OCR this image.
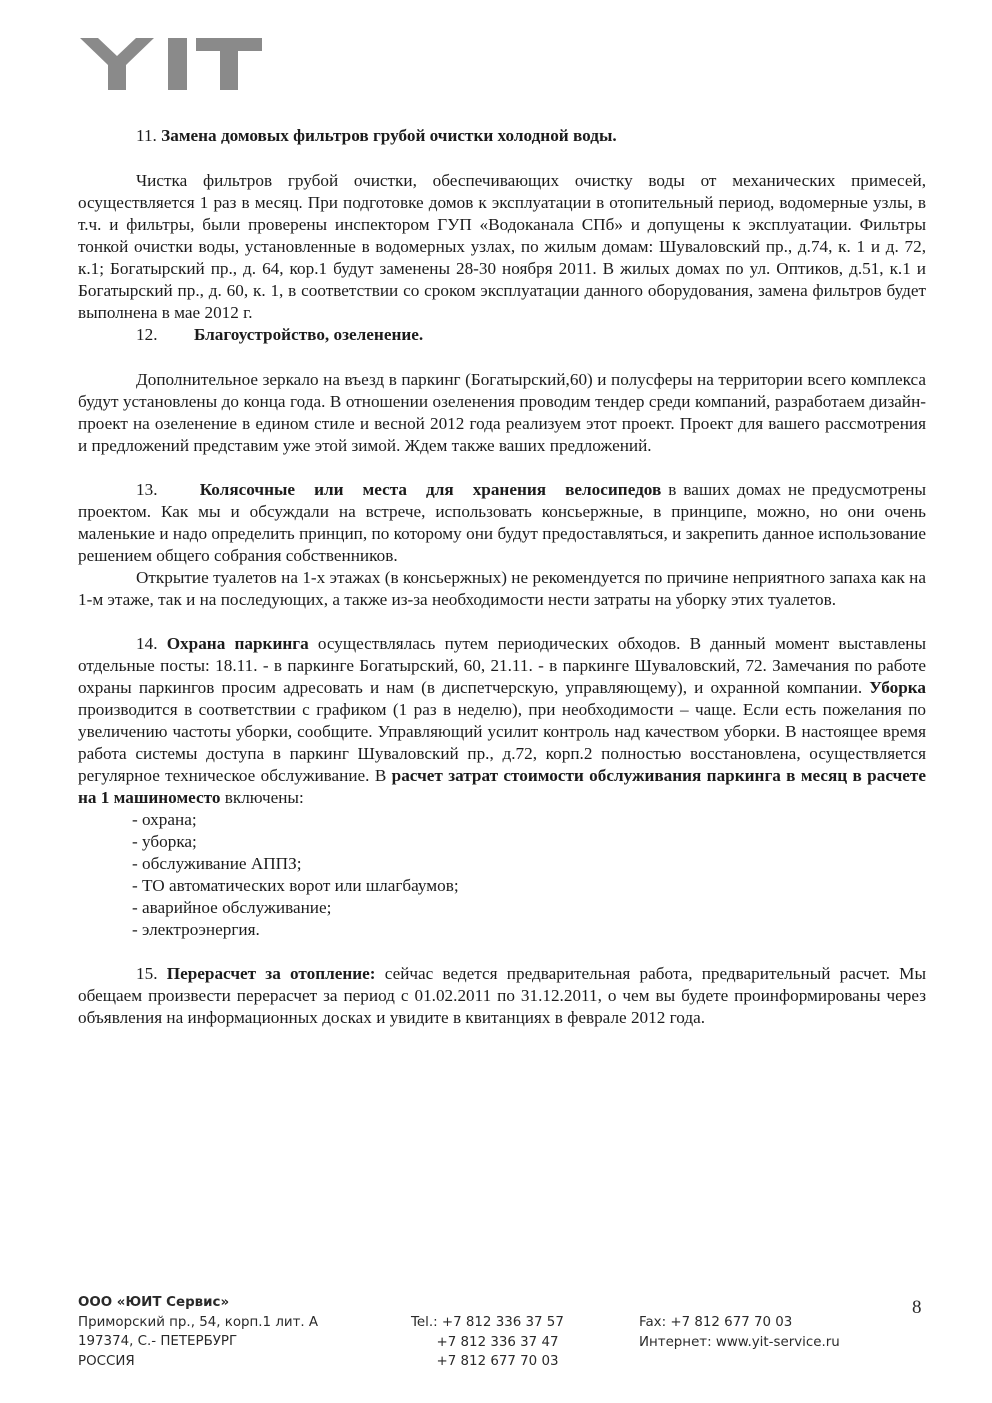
11. Замена домовых фильтров грубой очистки холодной воды.

Чистка фильтров грубой очистки, обеспечивающих очистку воды от механических примесей, осуществляется 1 раз в месяц. При подготовке домов к эксплуатации в отопительный период, водомерные узлы, в т.ч. и фильтры, были проверены инспектором ГУП «Водоканала СПб» и допущены к эксплуатации. Фильтры тонкой очистки воды, установленные в водомерных узлах, по жилым домам: Шуваловский пр., д.74, к. 1 и д. 72, к.1; Богатырский пр., д. 64, кор.1 будут заменены 28-30 ноября 2011. В жилых домах по ул. Оптиков, д.51, к.1 и Богатырский пр., д. 60, к. 1, в соответствии со сроком эксплуатации данного оборудования, замена фильтров будет выполнена в мае 2012 г.

12. Благоустройство, озеленение.

Дополнительное зеркало на въезд в паркинг (Богатырский,60) и полусферы на территории всего комплекса будут установлены до конца года. В отношении озеленения проводим тендер среди компаний, разработаем дизайн-проект на озеленение в едином стиле и весной 2012 года реализуем этот проект. Проект для вашего рассмотрения и предложений представим уже этой зимой. Ждем также ваших предложений.

13. Колясочные или места для хранения велосипедов в ваших домах не предусмотрены проектом. Как мы и обсуждали на встрече, использовать консьержные, в принципе, можно, но они очень маленькие и надо определить принцип, по которому они будут предоставляться, и закрепить данное использование решением общего собрания собственников.

Открытие туалетов на 1-х этажах (в консьержных) не рекомендуется по причине неприятного запаха как на 1-м этаже, так и на последующих, а также из-за необходимости нести затраты на уборку этих туалетов.

14. Охрана паркинга осуществлялась путем периодических обходов. В данный момент выставлены отдельные посты: 18.11. - в паркинге Богатырский, 60, 21.11. - в паркинге Шуваловский, 72. Замечания по работе охраны паркингов просим адресовать и нам (в диспетчерскую, управляющему), и охранной компании. Уборка производится в соответствии с графиком (1 раз в неделю), при необходимости – чаще. Если есть пожелания по увеличению частоты уборки, сообщите. Управляющий усилит контроль над качеством уборки. В настоящее время работа системы доступа в паркинг Шуваловский пр., д.72, корп.2 полностью восстановлена, осуществляется регулярное техническое обслуживание. В расчет затрат стоимости обслуживания паркинга в месяц в расчете на 1 машиноместо включены:

- охрана;
- уборка;
- обслуживание АППЗ;
- ТО автоматических ворот или шлагбаумов;
- аварийное обслуживание;
- электроэнергия.

15. Перерасчет за отопление: сейчас ведется предварительная работа, предварительный расчет. Мы обещаем произвести перерасчет за период с 01.02.2011 по 31.12.2011, о чем вы будете проинформированы через объявления на информационных досках и увидите в квитанциях в феврале 2012 года.

ООО «ЮИТ Сервис»
Приморский пр., 54, корп.1 лит. А
197374, С.- ПЕТЕРБУРГ
РОССИЯ
Tel.: +7 812 336 37 57
+7 812 336 37 47
+7 812 677 70 03
Fax: +7 812 677 70 03
Интернет: www.yit-service.ru
8
